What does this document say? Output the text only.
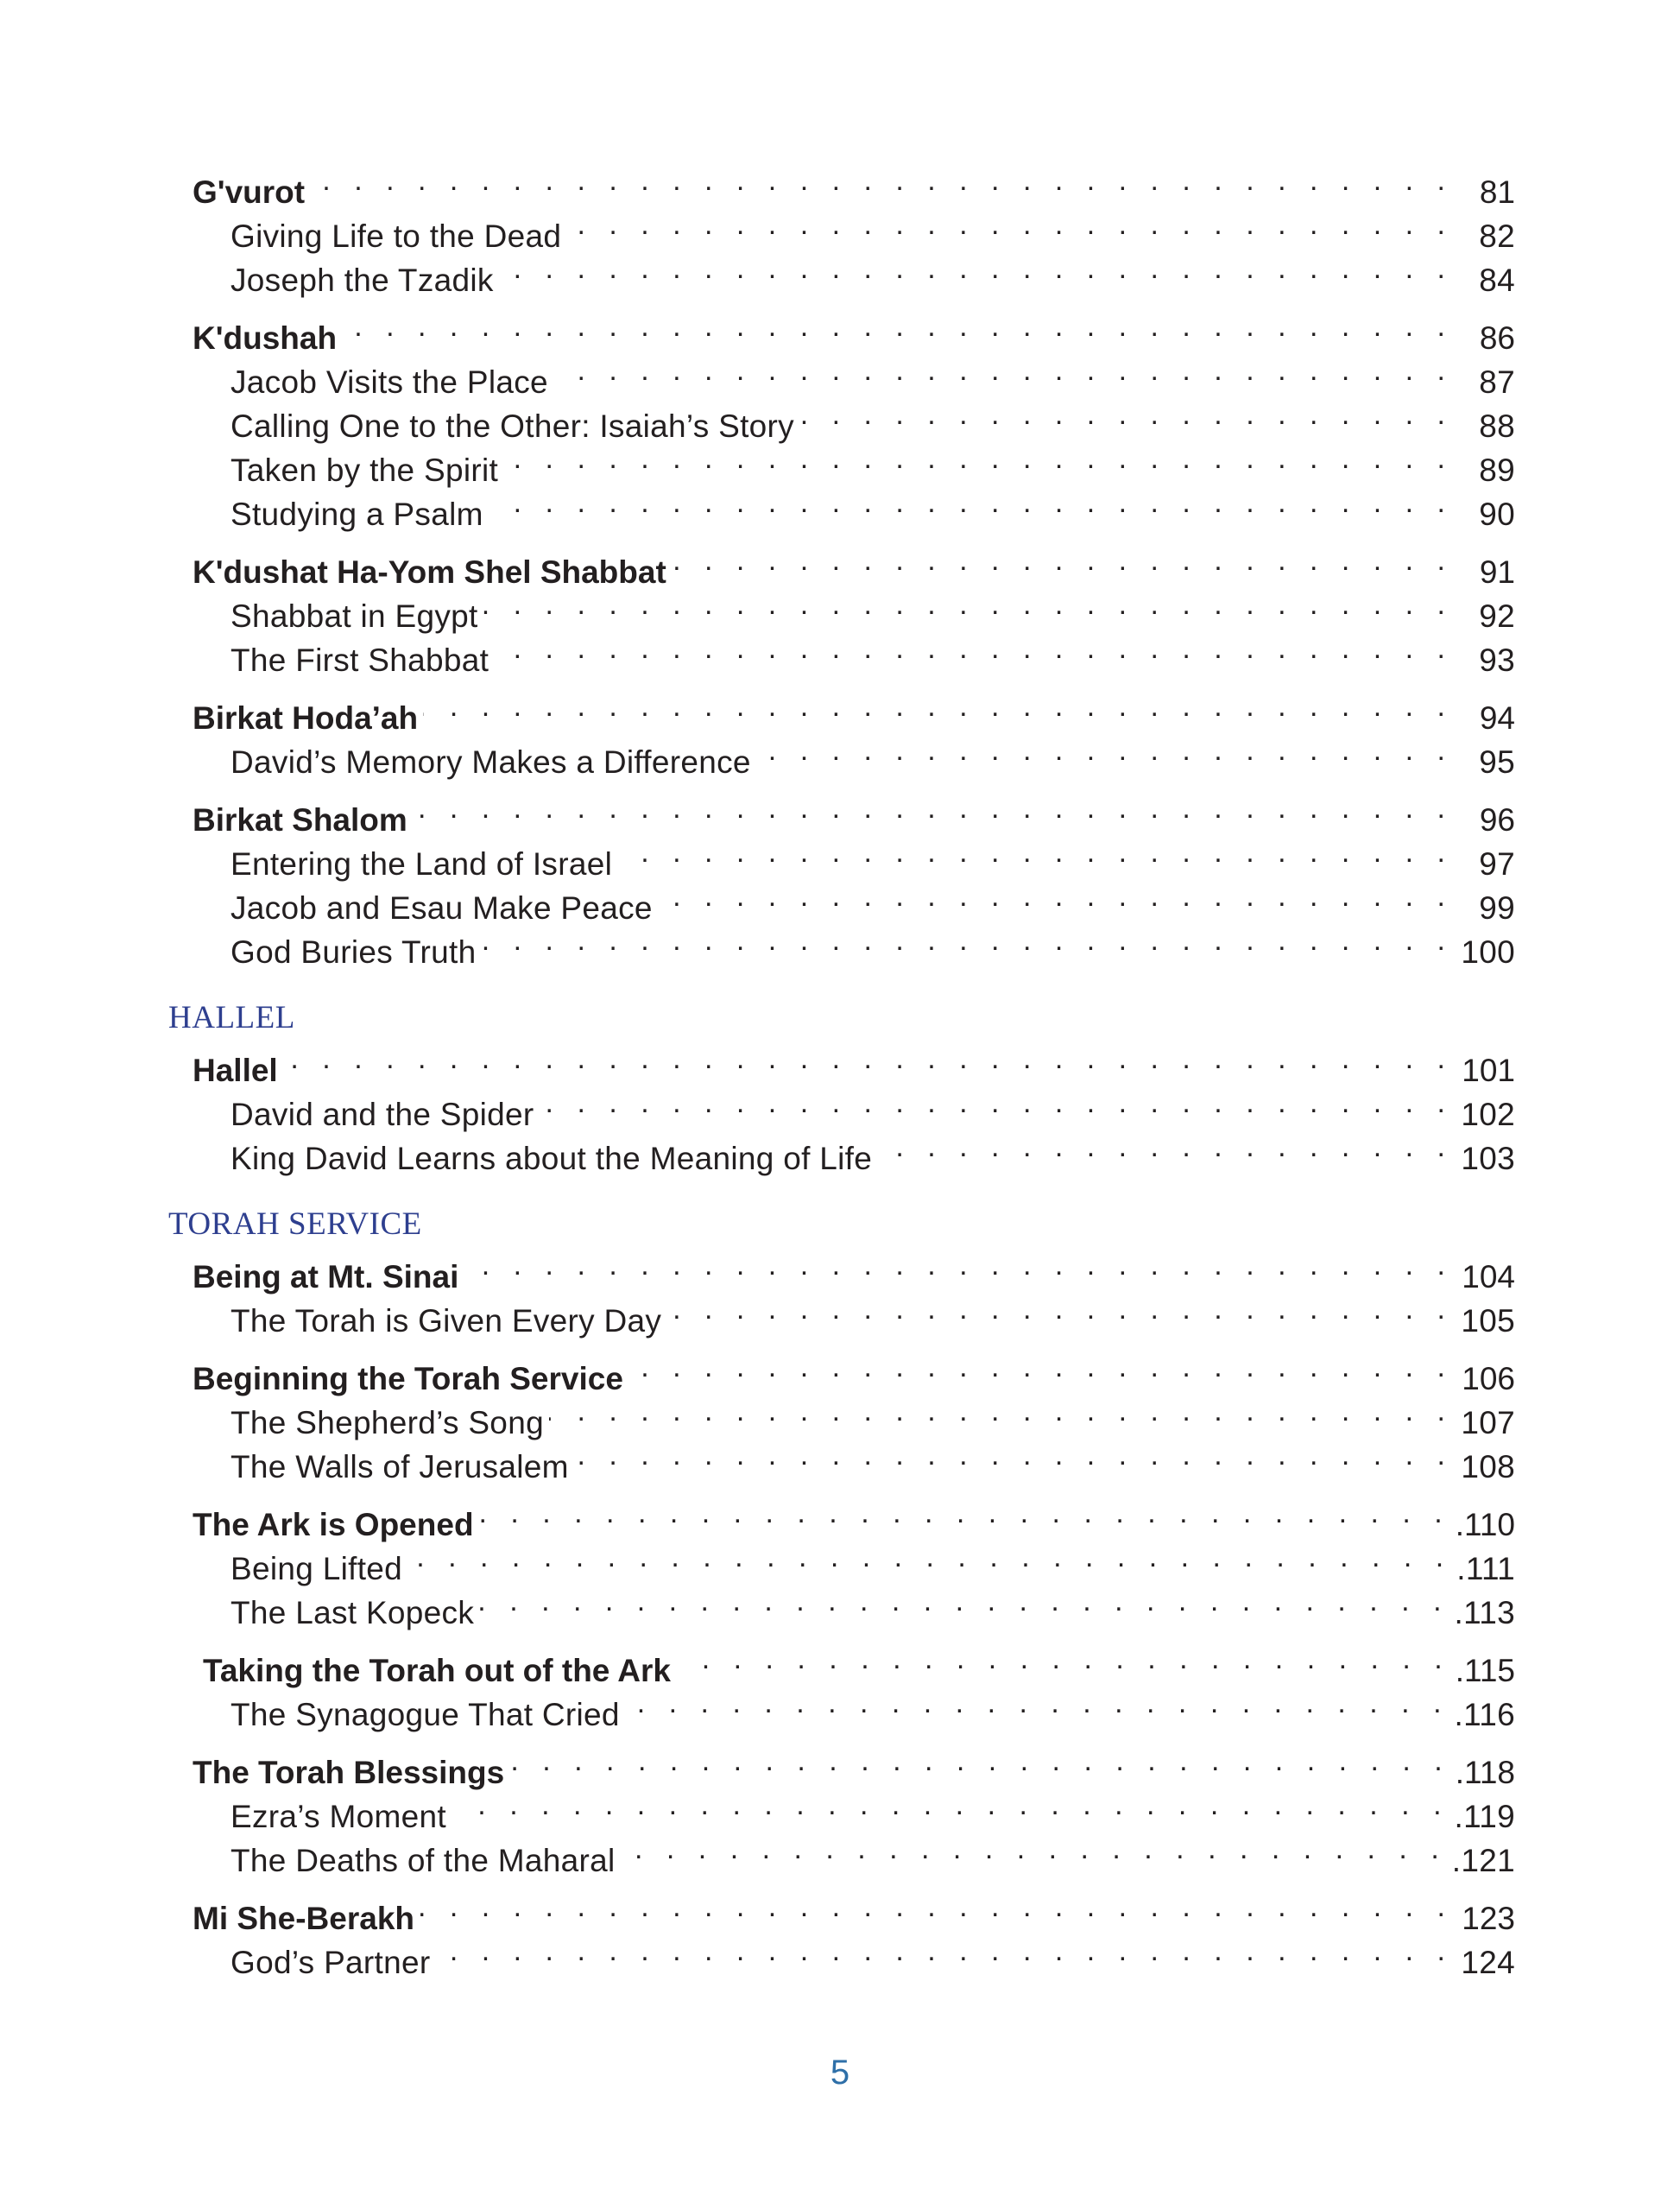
G'vurot . . .	81
Giving Life to the Dead . . .	82
Joseph the Tzadik . . .	84
K'dushah . . .	86
Jacob Visits the Place . . .	87
Calling One to the Other: Isaiah’s Story . . .	88
Taken by the Spirit . . .	89
Studying a Psalm . . .	90
K'dushat Ha-Yom Shel Shabbat . . .	91
Shabbat in Egypt . . .	92
The First Shabbat . . .	93
Birkat Hoda’ah . . .	94
David’s Memory Makes a Difference . . .	95
Birkat Shalom . . .	96
Entering the Land of Israel . . .	97
Jacob and Esau Make Peace . . .	99
God Buries Truth . . .	100
HALLEL
Hallel . . .	101
David and the Spider . . .	102
King David Learns about the Meaning of Life . . .	103
TORAH SERVICE
Being at Mt. Sinai . . .	104
The Torah is Given Every Day . . .	105
Beginning the Torah Service . . .	106
The Shepherd’s Song . . .	107
The Walls of Jerusalem . . .	108
The Ark is Opened . . .	.110
Being Lifted . . .	.111
The Last Kopeck . . .	.113
Taking the Torah out of the Ark . . .	.115
The Synagogue That Cried . . .	.116
The Torah Blessings . . .	.118
Ezra’s Moment . . .	.119
The Deaths of the Maharal . . .	.121
Mi She-Berakh . . .	123
God’s Partner . . .	124
5
